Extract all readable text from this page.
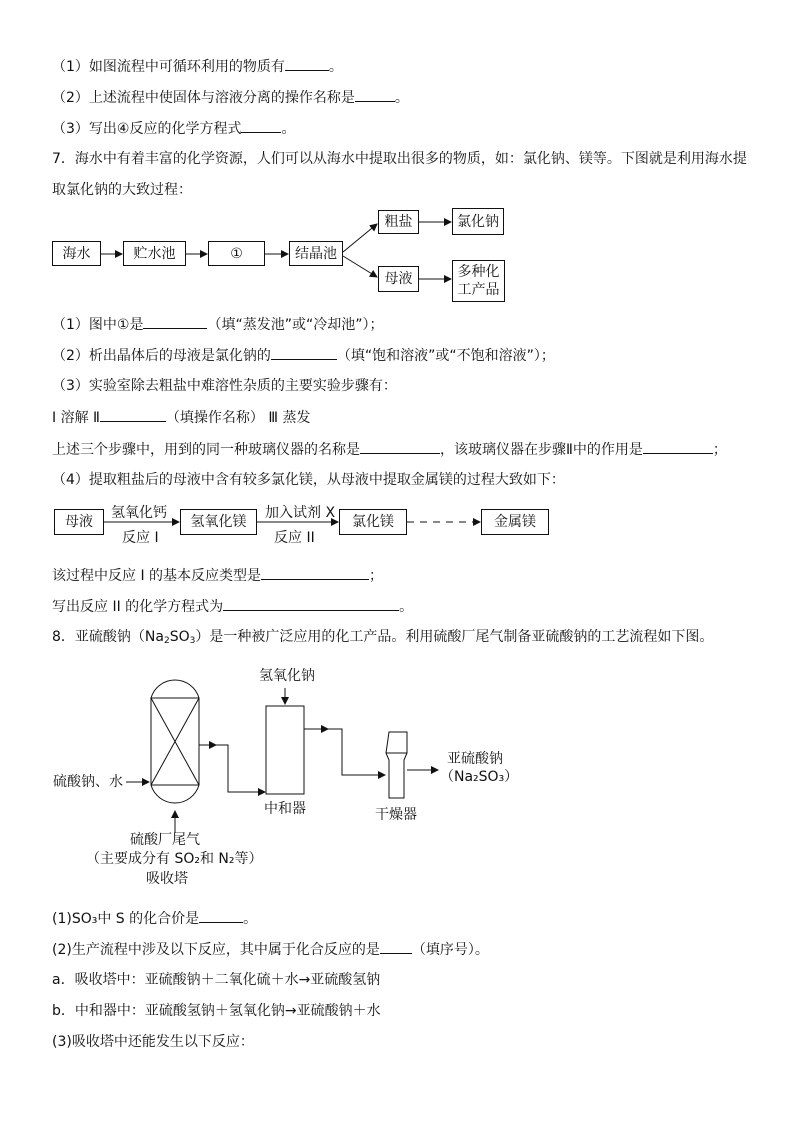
（1）如图流程中可循环利用的物质有	。
（2）上述流程中使固体与溶液分离的操作名称是	。
（3）写出④反应的化学方程式	。
7．海水中有着丰富的化学资源，人们可以从海水中提取出很多的物质，如：氯化钠、镁等。下图就是利用海水提
取氯化钠的大致过程：
海水	贮水池	①	结晶池
粗盐	氯化钠
母液	多种化
工产品
（1）图中①是	（填“蒸发池”或“冷却池”）；
（2）析出晶体后的母液是氯化钠的	（填“饱和溶液”或“不饱和溶液”）；
（3）实验室除去粗盐中难溶性杂质的主要实验步骤有：
Ⅰ 溶解 Ⅱ	（填操作名称） Ⅲ 蒸发
上述三个步骤中，用到的同一种玻璃仪器的名称是	，该玻璃仪器在步骤Ⅱ中的作用是	；
（4）提取粗盐后的母液中含有较多氯化镁，从母液中提取金属镁的过程大致如下：
母液
氢氧化钙
反应 I
氢氧化镁
加入试剂 X
反应 II
氯化镁	金属镁
该过程中反应 I 的基本反应类型是	；
写出反应 II 的化学方程式为	。
8．亚硫酸钠$(Na_2SO_3)$是一种被广泛应用的化工产品。利用硫酸厂尾气制备亚硫酸钠的工艺流程如下图。
氢氧化钠
硫酸钠、水
中和器	干燥器
亚硫酸钠
（Na₂SO₃）
硫酸厂尾气
（主要成分有 SO₂和 N₂等）
吸收塔
(1)SO₃中 S 的化合价是	。
(2)生产流程中涉及以下反应，其中属于化合反应的是 （填序号）。
a．吸收塔中：亚硫酸钠＋二氧化硫＋水→亚硫酸氢钠
b．中和器中：亚硫酸氢钠＋氢氧化钠→亚硫酸钠＋水
(3)吸收塔中还能发生以下反应：
